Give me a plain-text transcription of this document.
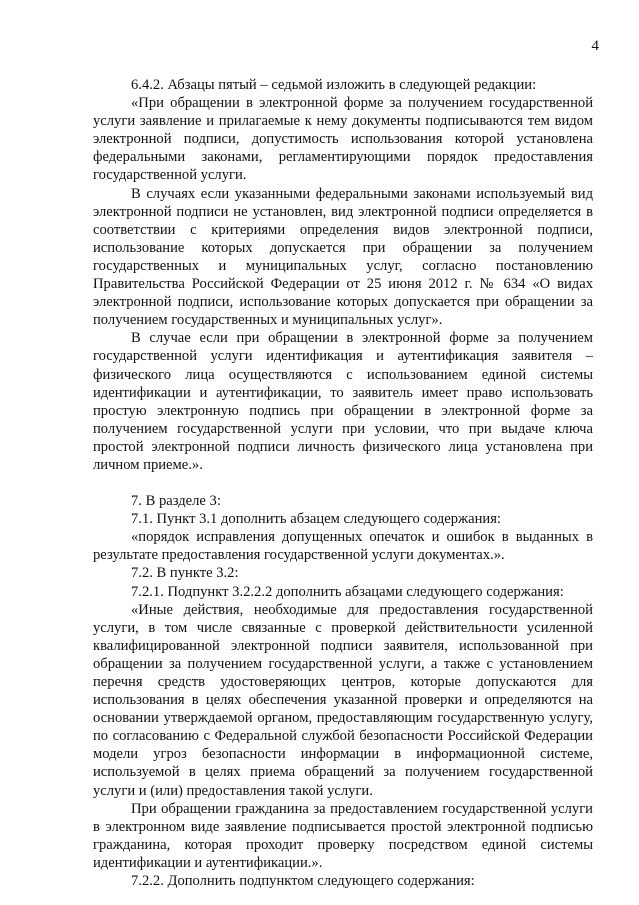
4

6.4.2. Абзацы пятый – седьмой изложить в следующей редакции:

«При обращении в электронной форме за получением государственной услуги заявление и прилагаемые к нему документы подписываются тем видом электронной подписи, допустимость использования которой установлена федеральными законами, регламентирующими порядок предоставления государственной услуги.

В случаях если указанными федеральными законами используемый вид электронной подписи не установлен, вид электронной подписи определяется в соответствии с критериями определения видов электронной подписи, использование которых допускается при обращении за получением государственных и муниципальных услуг, согласно постановлению Правительства Российской Федерации от 25 июня 2012 г. № 634 «О видах электронной подписи, использование которых допускается при обращении за получением государственных и муниципальных услуг».

В случае если при обращении в электронной форме за получением государственной услуги идентификация и аутентификация заявителя – физического лица осуществляются с использованием единой системы идентификации и аутентификации, то заявитель имеет право использовать простую электронную подпись при обращении в электронной форме за получением государственной услуги при условии, что при выдаче ключа простой электронной подписи личность физического лица установлена при личном приеме.».

7. В разделе 3:

7.1. Пункт 3.1 дополнить абзацем следующего содержания:

«порядок исправления допущенных опечаток и ошибок в выданных в результате предоставления государственной услуги документах.».

7.2. В пункте 3.2:

7.2.1. Подпункт 3.2.2.2 дополнить абзацами следующего содержания:

«Иные действия, необходимые для предоставления государственной услуги, в том числе связанные с проверкой действительности усиленной квалифицированной электронной подписи заявителя, использованной при обращении за получением государственной услуги, а также с установлением перечня средств удостоверяющих центров, которые допускаются для использования в целях обеспечения указанной проверки и определяются на основании утверждаемой органом, предоставляющим государственную услугу, по согласованию с Федеральной службой безопасности Российской Федерации модели угроз безопасности информации в информационной системе, используемой в целях приема обращений за получением государственной услуги и (или) предоставления такой услуги.

При обращении гражданина за предоставлением государственной услуги в электронном виде заявление подписывается простой электронной подписью гражданина, которая проходит проверку посредством единой системы идентификации и аутентификации.».

7.2.2. Дополнить подпунктом следующего содержания:
